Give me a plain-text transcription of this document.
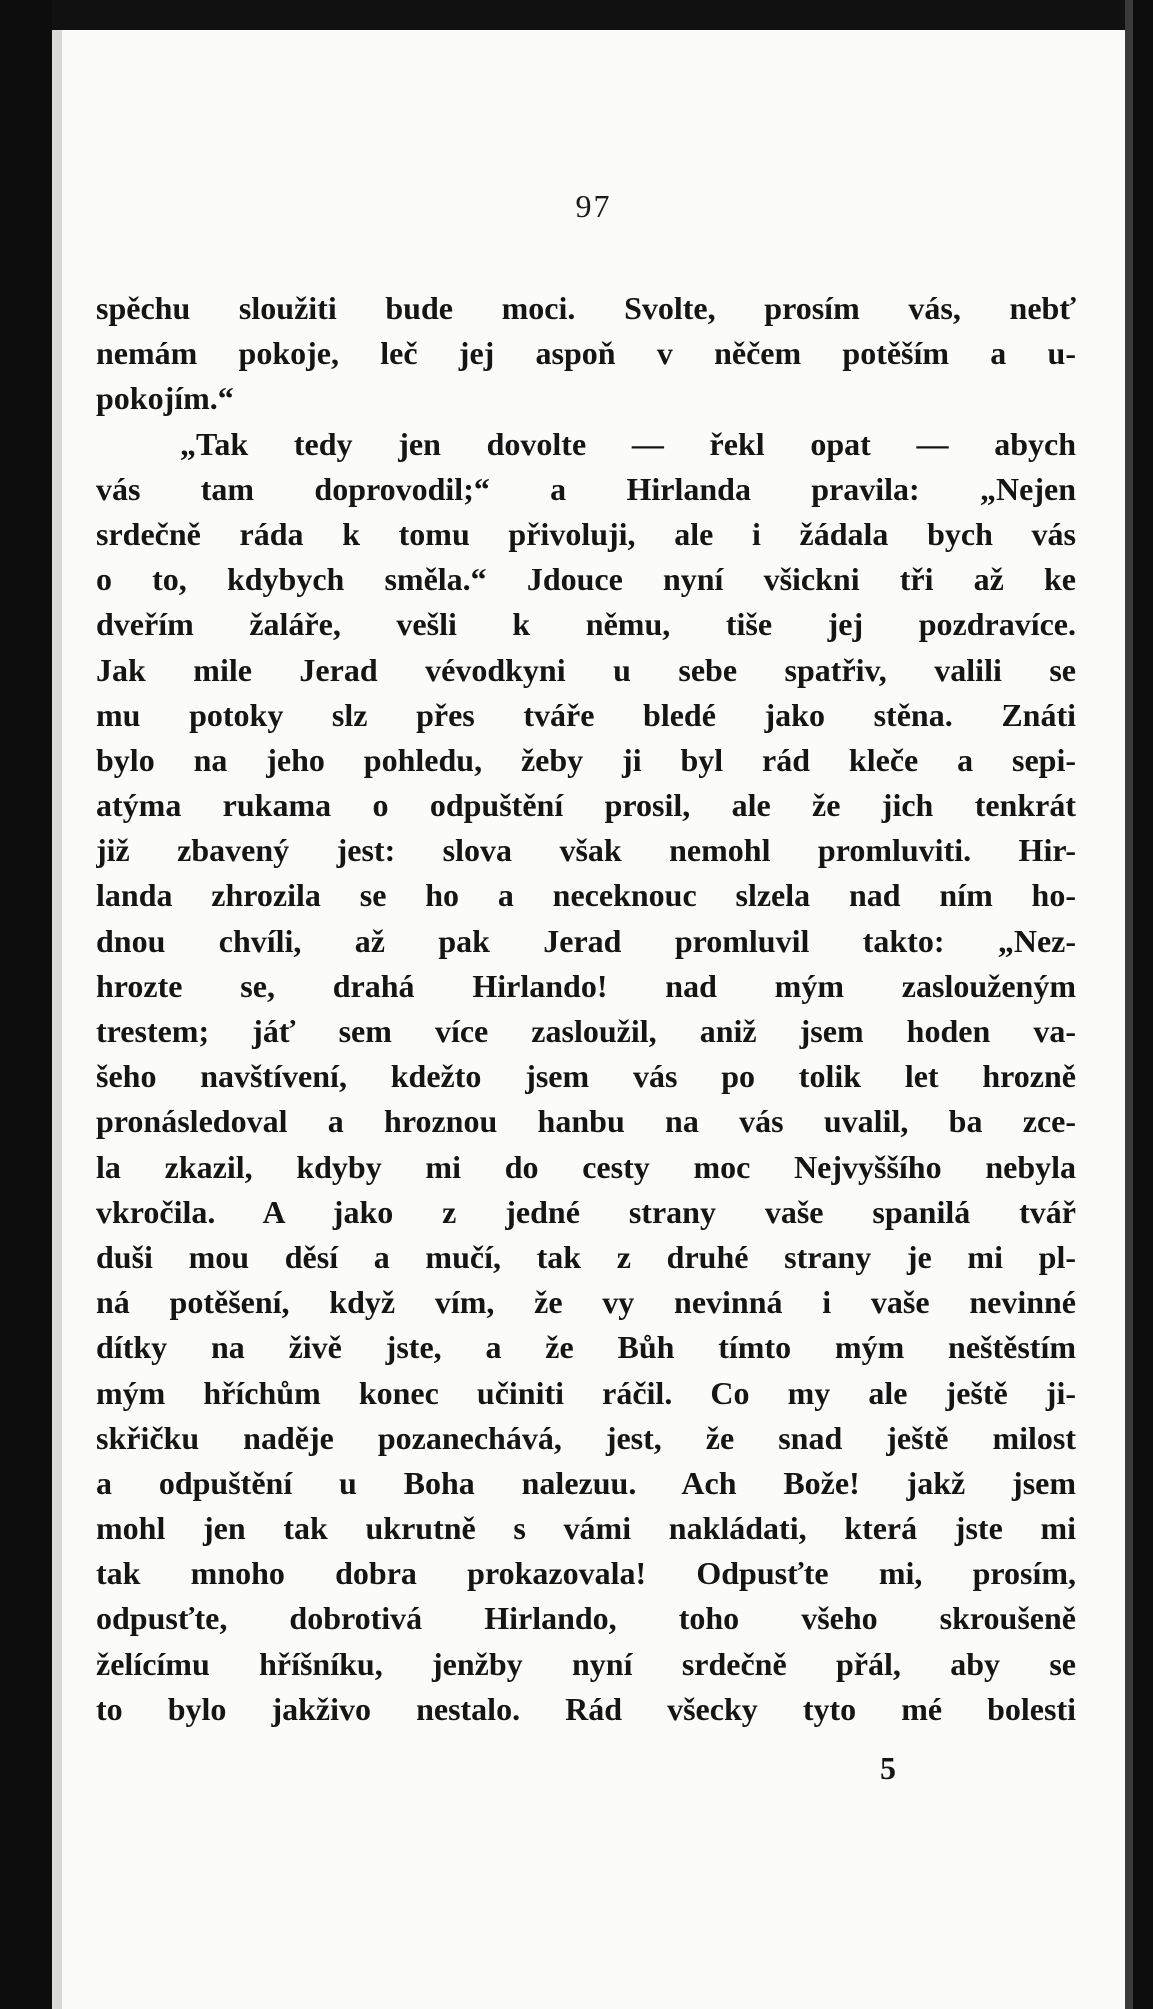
97
spěchu sloužiti bude moci. Svolte, prosím vás, nebť
nemám pokoje, leč jej aspoň v něčem potěším a u-
pokojím.“
„Tak tedy jen dovolte — řekl opat — abych
vás tam doprovodil;“ a Hirlanda pravila: „Nejen
srdečně ráda k tomu přivoluji, ale i žádala bych vás
o to, kdybych směla.“ Jdouce nyní všickni tři až ke
dveřím žaláře, vešli k němu, tiše jej pozdravíce.
Jak mile Jerad vévodkyni u sebe spatřiv, valili se
mu potoky slz přes tváře bledé jako stěna. Znáti
bylo na jeho pohledu, žeby ji byl rád kleče a sepi-
atýma rukama o odpuštění prosil, ale že jich tenkrát
již zbavený jest: slova však nemohl promluviti. Hir-
landa zhrozila se ho a neceknouc slzela nad ním ho-
dnou chvíli, až pak Jerad promluvil takto: „Nez-
hrozte se, drahá Hirlando! nad mým zaslouženým
trestem; jáť sem více zasloužil, aniž jsem hoden va-
šeho navštívení, kdežto jsem vás po tolik let hrozně
pronásledoval a hroznou hanbu na vás uvalil, ba zce-
la zkazil, kdyby mi do cesty moc Nejvyššího nebyla
vkročila. A jako z jedné strany vaše spanilá tvář
duši mou děsí a mučí, tak z druhé strany je mi pl-
ná potěšení, když vím, že vy nevinná i vaše nevinné
dítky na živě jste, a že Bůh tímto mým neštěstím
mým hříchům konec učiniti ráčil. Co my ale ještě ji-
skřičku naděje pozanechává, jest, že snad ještě milost
a odpuštění u Boha nalezuu. Ach Bože! jakž jsem
mohl jen tak ukrutně s vámi nakládati, která jste mi
tak mnoho dobra prokazovala! Odpusťte mi, prosím,
odpusťte, dobrotivá Hirlando, toho všeho skroušeně
želícímu hříšníku, jenžby nyní srdečně přál, aby se
to bylo jakživo nestalo. Rád všecky tyto mé bolesti
5
